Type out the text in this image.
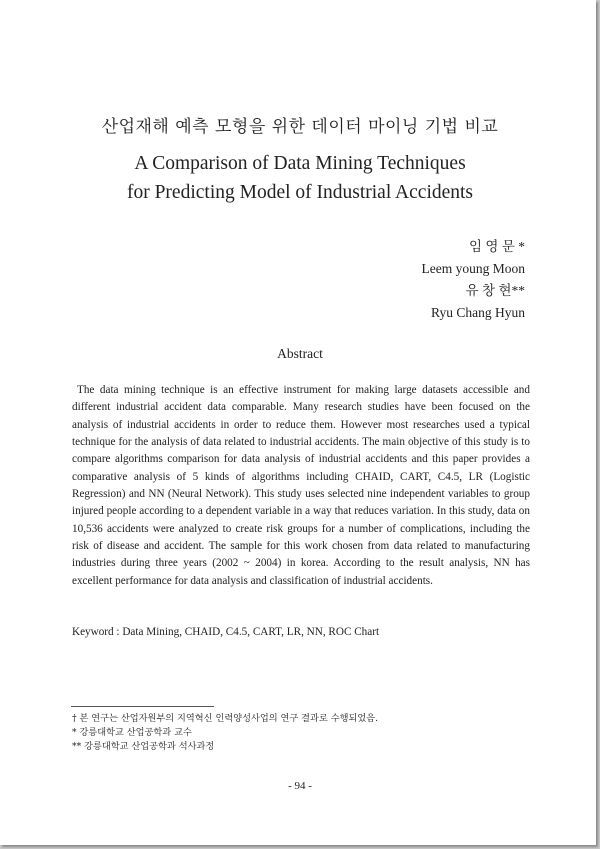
산업재해 예측 모형을 위한 데이터 마이닝 기법 비교
A Comparison of Data Mining Techniques
for Predicting Model of Industrial Accidents
임 영 문 *
Leem young Moon
유 창 현**
Ryu Chang Hyun
Abstract

The data mining technique is an effective instrument for making large datasets accessible and different industrial accident data comparable. Many research studies have been focused on the analysis of industrial accidents in order to reduce them. However most researches used a typical technique for the analysis of data related to industrial accidents. The main objective of this study is to compare algorithms comparison for data analysis of industrial accidents and this paper provides a comparative analysis of 5 kinds of algorithms including CHAID, CART, C4.5, LR (Logistic Regression) and NN (Neural Network). This study uses selected nine independent variables to group injured people according to a dependent variable in a way that reduces variation. In this study, data on 10,536 accidents were analyzed to create risk groups for a number of complications, including the risk of disease and accident. The sample for this work chosen from data related to manufacturing industries during three years (2002 ~ 2004) in korea. According to the result analysis, NN has excellent performance for data analysis and classification of industrial accidents.

Keyword : Data Mining, CHAID, C4.5, CART, LR, NN, ROC Chart
† 본 연구는 산업자원부의 지역혁신 인력양성사업의 연구 결과로 수행되었음.
* 강릉대학교 산업공학과 교수
** 강릉대학교 산업공학과 석사과정
- 94 -
